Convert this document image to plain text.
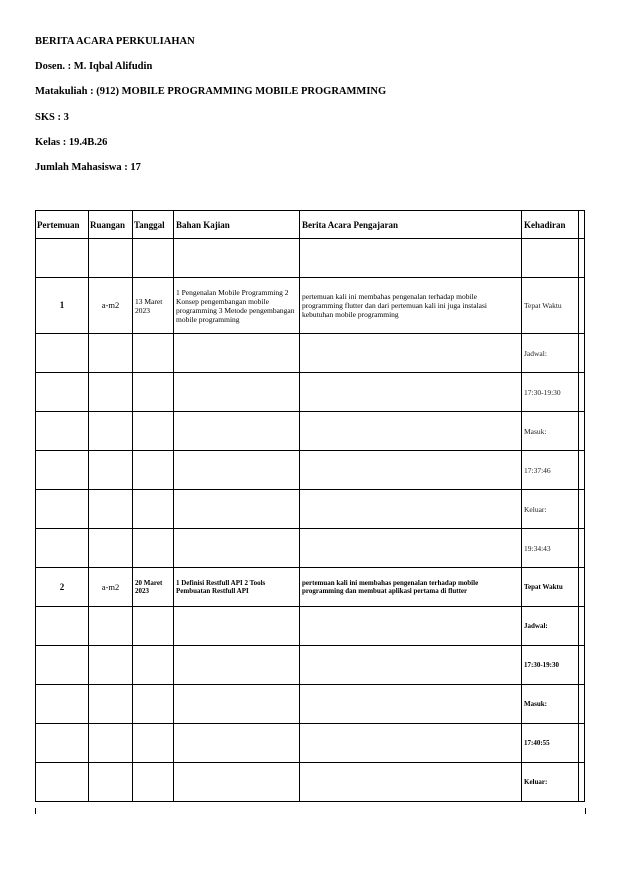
BERITA ACARA PERKULIAHAN
Dosen. : M. Iqbal Alifudin
Matakuliah : (912) MOBILE PROGRAMMING MOBILE PROGRAMMING
SKS : 3
Kelas : 19.4B.26
Jumlah Mahasiswa : 17
Pertemuan	Ruangan	Tanggal	Bahan Kajian	Berita Acara Pengajaran	Kehadiran	

1	a-m2	13 Maret 2023	1 Pengenalan Mobile Programming 2 Konsep pengembangan mobile programming 3 Metode pengembangan mobile programming	pertemuan kali ini membahas pengenalan terhadap mobile programming flutter dan dari pertemuan kali ini juga instalasi kebutuhan mobile programming	Tepat Waktu	
					Jadwal:	
					17:30-19:30	
					Masuk:	
					17:37:46	
					Keluar:	
					19:34:43	
2	a-m2	20 Maret 2023	1 Definisi Restfull API 2 Tools Pembuatan Restfull API	pertemuan kali ini membahas pengenalan terhadap mobile programming dan membuat aplikasi pertama di flutter	Tepat Waktu	
					Jadwal:	
					17:30-19:30	
					Masuk:	
					17:40:55	
					Keluar:	
